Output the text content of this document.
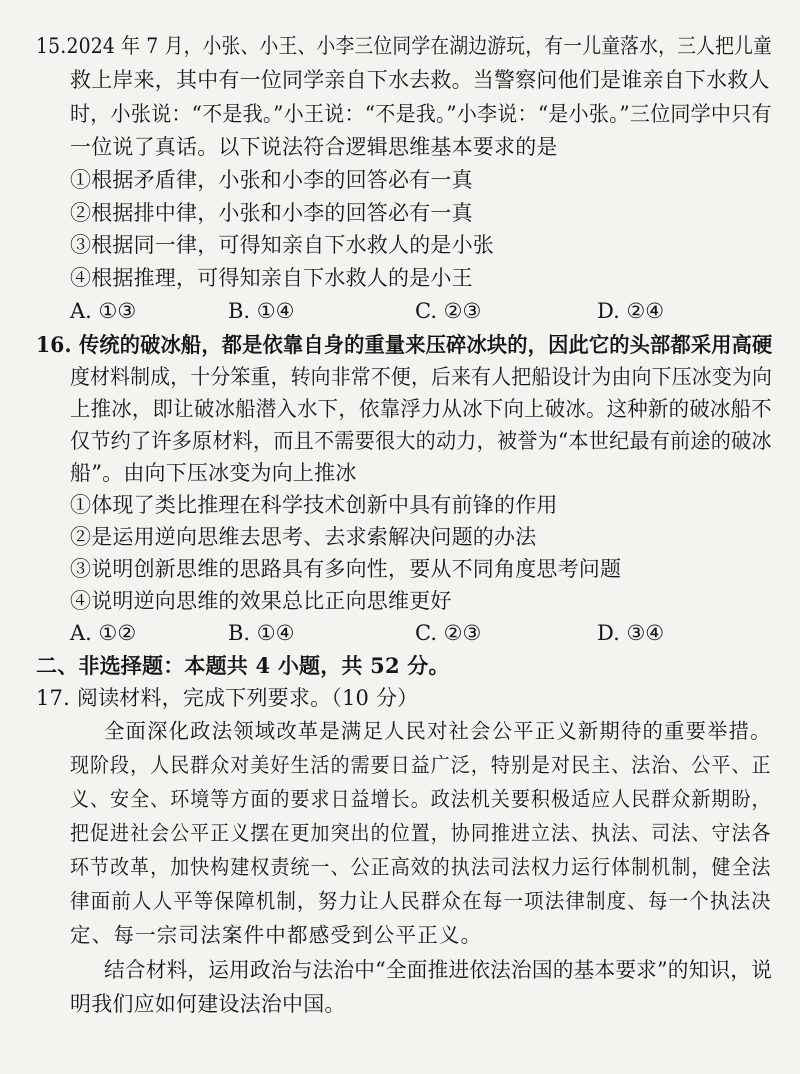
15.2024 年 7 月，小张、小王、小李三位同学在湖边游玩，有一儿童落水，三人把儿童
救上岸来，其中有一位同学亲自下水去救。当警察问他们是谁亲自下水救人
时，小张说：“不是我。”小王说：“不是我。”小李说：“是小张。”三位同学中只有
一位说了真话。以下说法符合逻辑思维基本要求的是
①根据矛盾律，小张和小李的回答必有一真
②根据排中律，小张和小李的回答必有一真
③根据同一律，可得知亲自下水救人的是小张
④根据推理，可得知亲自下水救人的是小王
A. ①③	B. ①④	C. ②③	D. ②④
16. 传统的破冰船，都是依靠自身的重量来压碎冰块的，因此它的头部都采用高硬
度材料制成，十分笨重，转向非常不便，后来有人把船设计为由向下压冰变为向
上推冰，即让破冰船潜入水下，依靠浮力从冰下向上破冰。这种新的破冰船不
仅节约了许多原材料，而且不需要很大的动力，被誉为“本世纪最有前途的破冰
船”。由向下压冰变为向上推冰
①体现了类比推理在科学技术创新中具有前锋的作用
②是运用逆向思维去思考、去求索解决问题的办法
③说明创新思维的思路具有多向性，要从不同角度思考问题
④说明逆向思维的效果总比正向思维更好
A. ①②	B. ①④	C. ②③	D. ③④
二、非选择题：本题共 4 小题，共 52 分。
17. 阅读材料，完成下列要求。（10 分）
全面深化政法领域改革是满足人民对社会公平正义新期待的重要举措。
现阶段，人民群众对美好生活的需要日益广泛，特别是对民主、法治、公平、正
义、安全、环境等方面的要求日益增长。政法机关要积极适应人民群众新期盼，
把促进社会公平正义摆在更加突出的位置，协同推进立法、执法、司法、守法各
环节改革，加快构建权责统一、公正高效的执法司法权力运行体制机制，健全法
律面前人人平等保障机制，努力让人民群众在每一项法律制度、每一个执法决
定、每一宗司法案件中都感受到公平正义。
结合材料，运用政治与法治中“全面推进依法治国的基本要求”的知识，说
明我们应如何建设法治中国。
